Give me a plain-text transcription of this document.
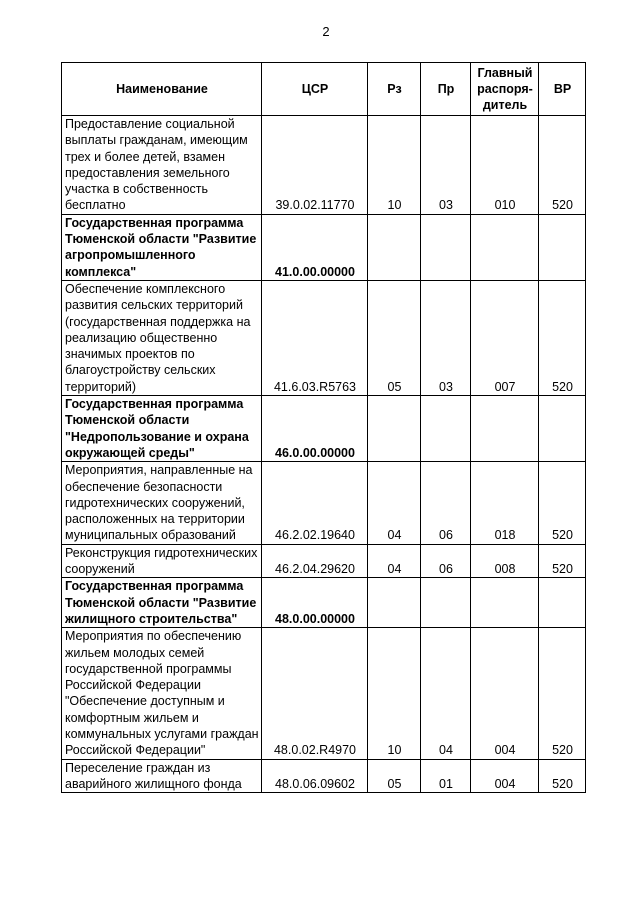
2
Наименование	ЦСР	Рз	Пр	Главный распоря-дитель	ВР
Предоставление социальной выплаты гражданам, имеющим трех и более детей, взамен предоставления земельного участка в собственность бесплатно	39.0.02.11770	10	03	010	520
Государственная программа Тюменской области "Развитие агропромышленного комплекса"	41.0.00.00000				
Обеспечение комплексного развития сельских территорий (государственная поддержка на реализацию общественно значимых проектов по благоустройству сельских территорий)	41.6.03.R5763	05	03	007	520
Государственная программа Тюменской области "Недропользование и охрана окружающей среды"	46.0.00.00000				
Мероприятия, направленные на обеспечение безопасности гидротехнических сооружений, расположенных на территории муниципальных образований	46.2.02.19640	04	06	018	520
Реконструкция гидротехнических сооружений	46.2.04.29620	04	06	008	520
Государственная программа Тюменской области "Развитие жилищного строительства"	48.0.00.00000				
Мероприятия по обеспечению жильем молодых семей государственной программы Российской Федерации "Обеспечение доступным и комфортным жильем и коммунальных услугами граждан Российской Федерации"	48.0.02.R4970	10	04	004	520
Переселение граждан из аварийного жилищного фонда	48.0.06.09602	05	01	004	520
